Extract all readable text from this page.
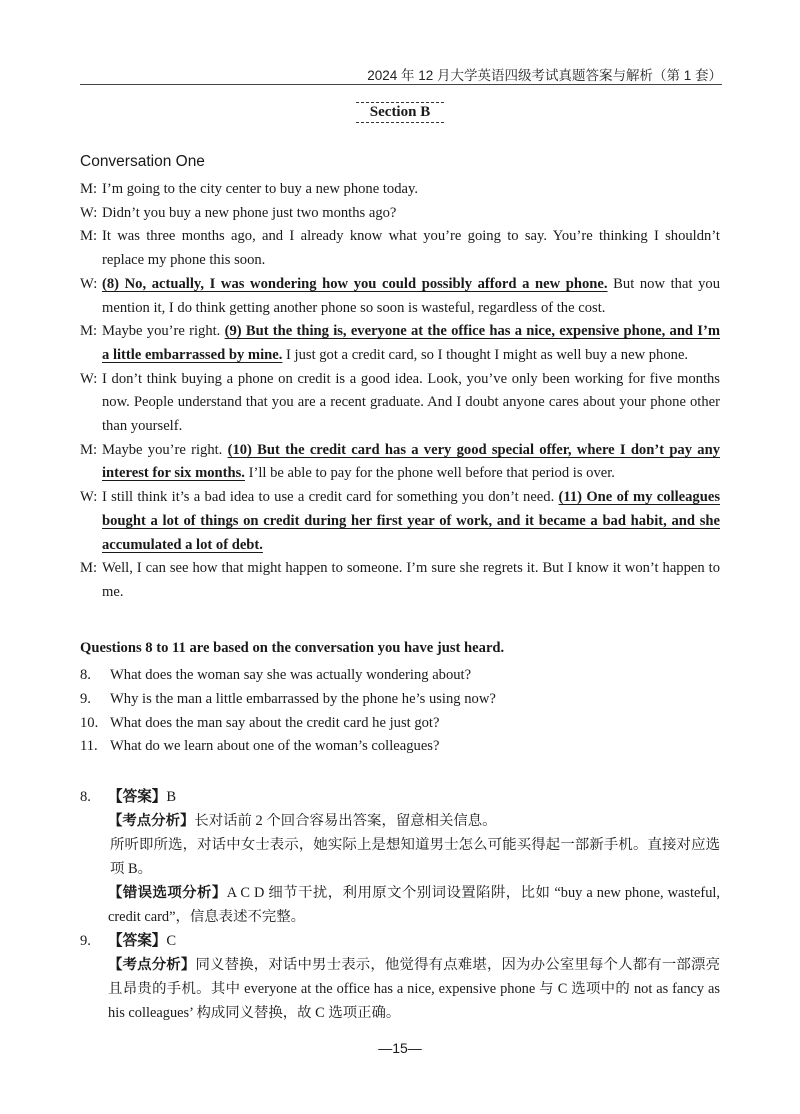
2024 年 12 月大学英语四级考试真题答案与解析（第 1 套）
Section B
Conversation One
M: I’m going to the city center to buy a new phone today.
W: Didn’t you buy a new phone just two months ago?
M: It was three months ago, and I already know what you’re going to say. You’re thinking I shouldn’t replace my phone this soon.
W: (8) No, actually, I was wondering how you could possibly afford a new phone. But now that you mention it, I do think getting another phone so soon is wasteful, regardless of the cost.
M: Maybe you’re right. (9) But the thing is, everyone at the office has a nice, expensive phone, and I’m a little embarrassed by mine. I just got a credit card, so I thought I might as well buy a new phone.
W: I don’t think buying a phone on credit is a good idea. Look, you’ve only been working for five months now. People understand that you are a recent graduate. And I doubt anyone cares about your phone other than yourself.
M: Maybe you’re right. (10) But the credit card has a very good special offer, where I don’t pay any interest for six months. I’ll be able to pay for the phone well before that period is over.
W: I still think it’s a bad idea to use a credit card for something you don’t need. (11) One of my colleagues bought a lot of things on credit during her first year of work, and it became a bad habit, and she accumulated a lot of debt.
M: Well, I can see how that might happen to someone. I’m sure she regrets it. But I know it won’t happen to me.
Questions 8 to 11 are based on the conversation you have just heard.
8.	What does the woman say she was actually wondering about?
9.	Why is the man a little embarrassed by the phone he’s using now?
10. What does the man say about the credit card he just got?
11. What do we learn about one of the woman’s colleagues?
8.	【答案】B
【考点分析】长对话前 2 个回合容易出答案，留意相关信息。
所听即所选，对话中女士表示，她实际上是想知道男士怎么可能买得起一部新手机。直接对应选项 B。
【错误选项分析】A C D 细节干扰，利用原文个别词设置陷阱，比如 “buy a new phone, wasteful, credit card”，信息表述不完整。
9.	【答案】C
【考点分析】同义替换，对话中男士表示，他觉得有点难堪，因为办公室里每个人都有一部漂亮且昂贵的手机。其中 everyone at the office has a nice, expensive phone 与 C 选项中的 not as fancy as his colleagues’ 构成同义替换，故 C 选项正确。
—15—
